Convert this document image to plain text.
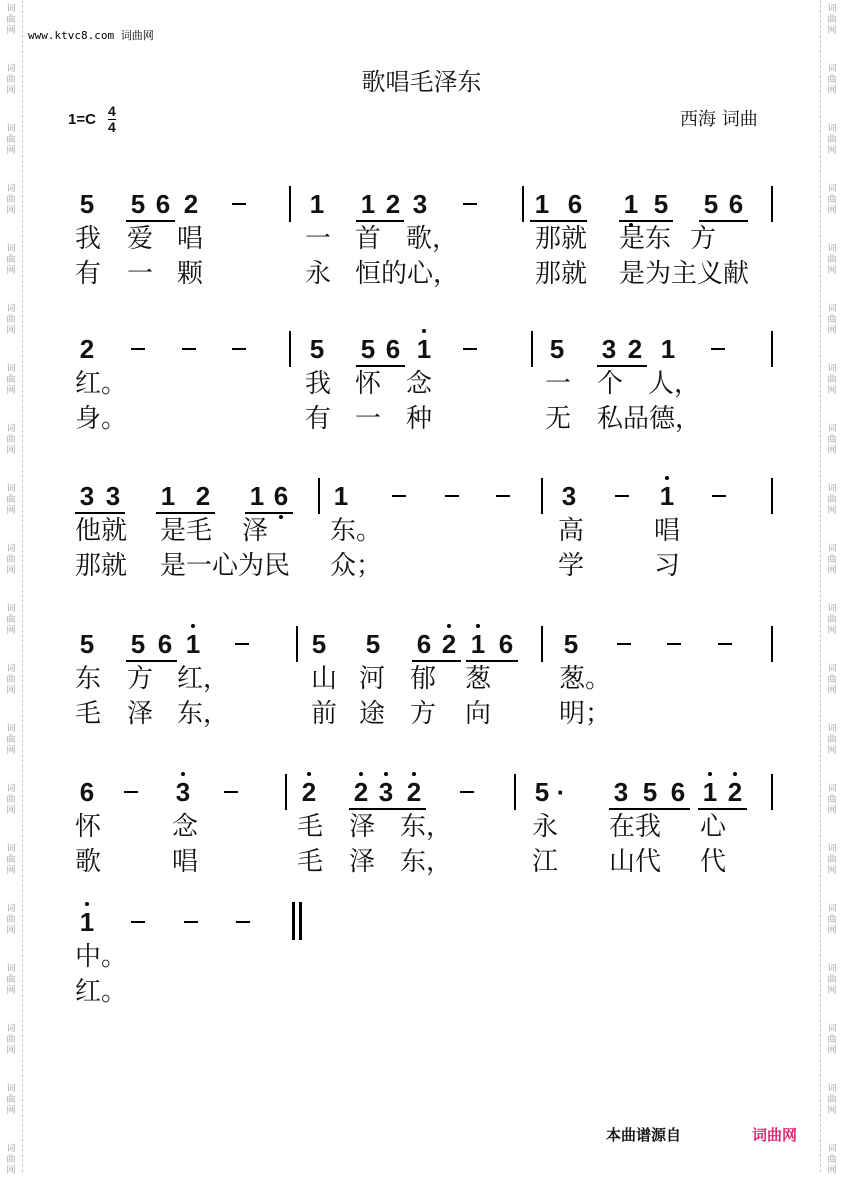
词
曲
网
词
曲
网
词
曲
网
词
曲
网
词
曲
网
词
曲
网
词
曲
网
词
曲
网
词
曲
网
词
曲
网
词
曲
网
词
曲
网
词
曲
网
词
曲
网
词
曲
网
词
曲
网
词
曲
网
词
曲
网
词
曲
网
词
曲
网
词
曲
网
词
曲
网
词
曲
网
词
曲
网
词
曲
网
词
曲
网
词
曲
网
词
曲
网
词
曲
网
词
曲
网
词
曲
网
词
曲
网
词
曲
网
词
曲
网
词
曲
网
词
曲
网
词
曲
网
词
曲
网
词
曲
网
词
曲
网
www.ktvc8.com 词曲网
歌唱毛泽东
1=C 4
4	西海 词曲
5 5 6 2	1 1 2 3	1 6 1 5 5 6
我 爱 唱	一 首 歌，	那就 是东 方
有 一 颗	永 恒的心，	那就 是为主义献
2	5 5 6 1	5 3 2 1
红。	我 怀 念	一 个 人，
身。	有 一 种	无 私品德，
3 3 1 2 1 6 1	3	1
他就 是毛 泽 东。	高	唱
那就 是一心为民 众；	学	习
5 5 6 1	5 5 6 2 1 6 5
东 方 红，	山 河 郁 葱	葱。
毛 泽 东，	前 途 方 向	明；
6	3	2 2 3 2	5 · 3 5 6 1 2
怀	念	毛 泽 东，	永 在我 心
歌	唱	毛 泽 东，	江 山代 代
1
中。
红。
本曲谱源自	词曲网
